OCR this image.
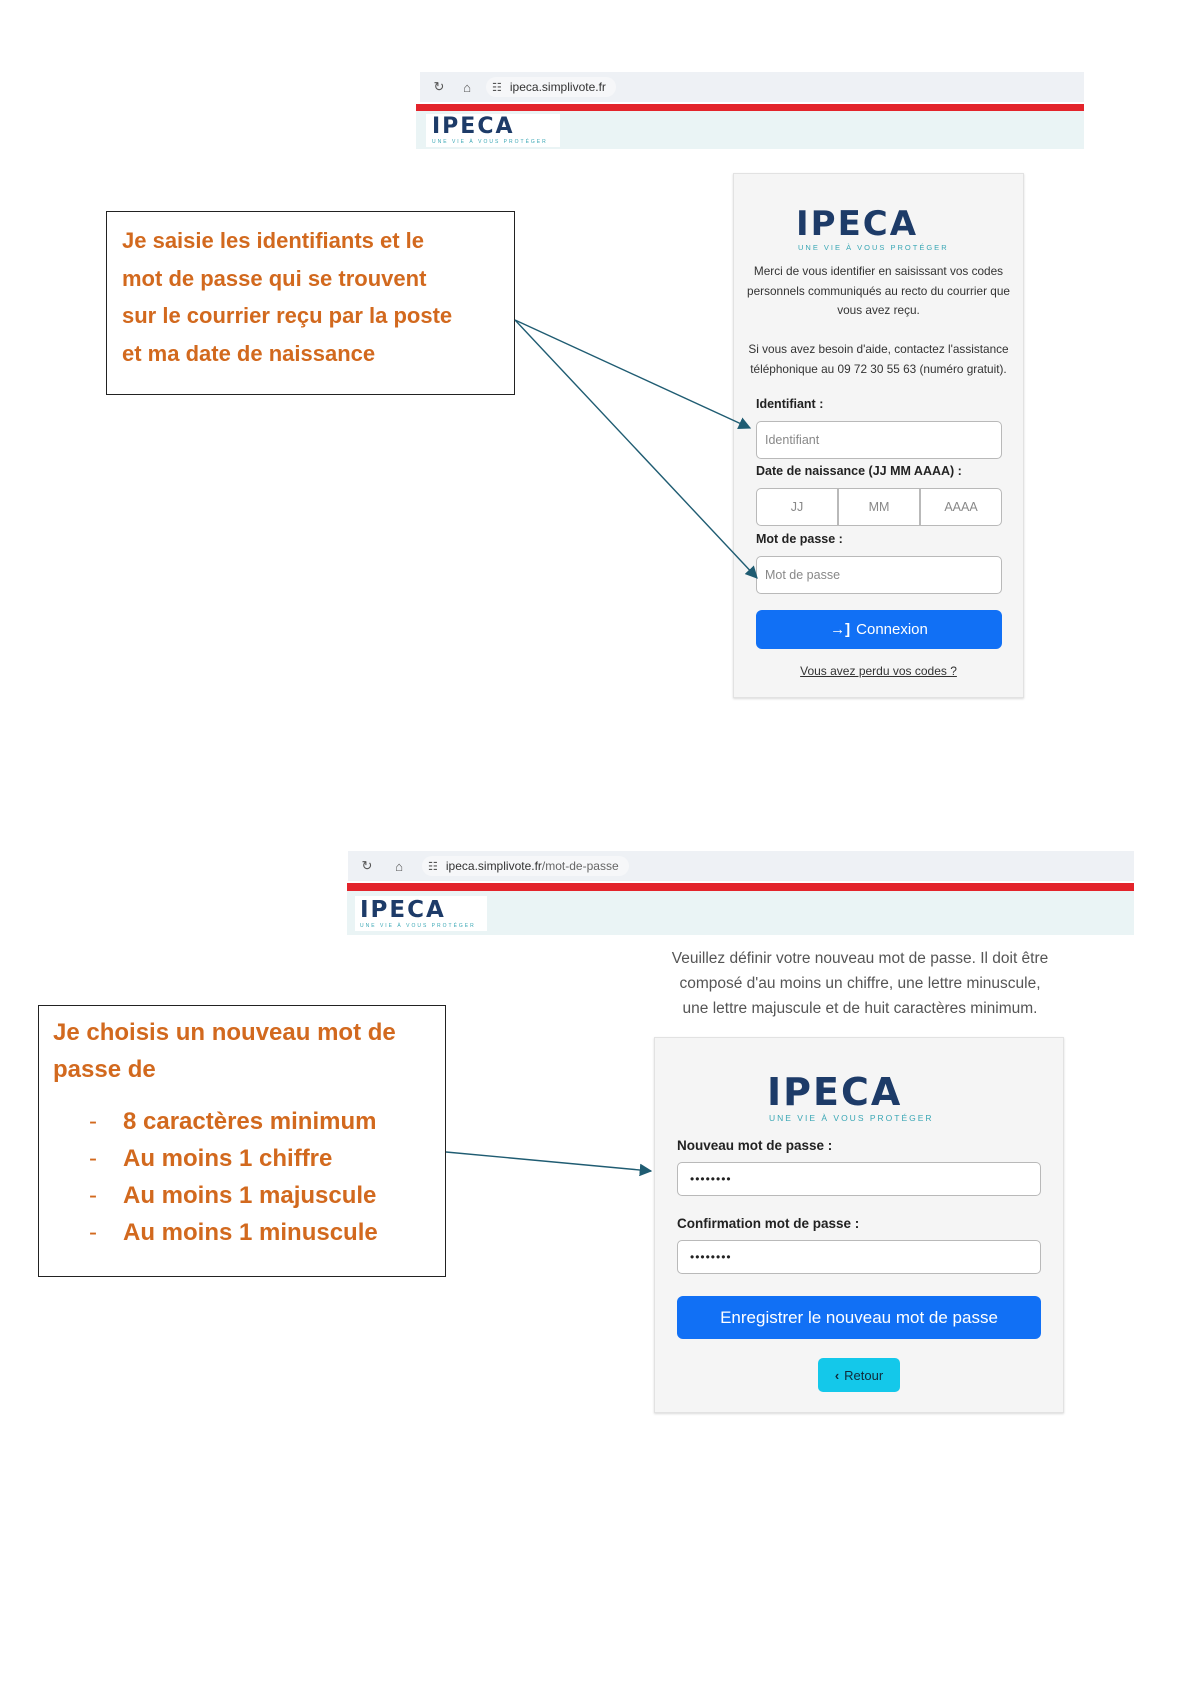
↻	⌂	☷ ipeca.simplivote.fr
IPECA
UNE VIE À VOUS PROTÉGER
IPECA
UNE VIE À VOUS PROTÉGER
Merci de vous identifier en saisissant vos codes personnels communiqués au recto du courrier que vous avez reçu.
Si vous avez besoin d'aide, contactez l'assistance téléphonique au 09 72 30 55 63 (numéro gratuit).
Identifiant :
Identifiant
Date de naissance (JJ MM AAAA) :
JJ
MM
AAAA
Mot de passe :
→] Connexion
Vous avez perdu vos codes ?
Je saisie les identifiants et le
mot de passe qui se trouvent
sur le courrier reçu par la poste
et ma date de naissance
↻	⌂	☷ ipeca.simplivote.fr /mot-de-passe
IPECA
UNE VIE À VOUS PROTÉGER
Veuillez définir votre nouveau mot de passe. Il doit être
composé d'au moins un chiffre, une lettre minuscule,
une lettre majuscule et de huit caractères minimum.
IPECA
UNE VIE À VOUS PROTÉGER
Nouveau mot de passe :
••••••••
Confirmation mot de passe :
••••••••
Enregistrer le nouveau mot de passe
‹ Retour
Je choisis un nouveau mot de
passe de
-	8 caractères minimum
-	Au moins 1 chiffre
-	Au moins 1 majuscule
-	Au moins 1 minuscule
